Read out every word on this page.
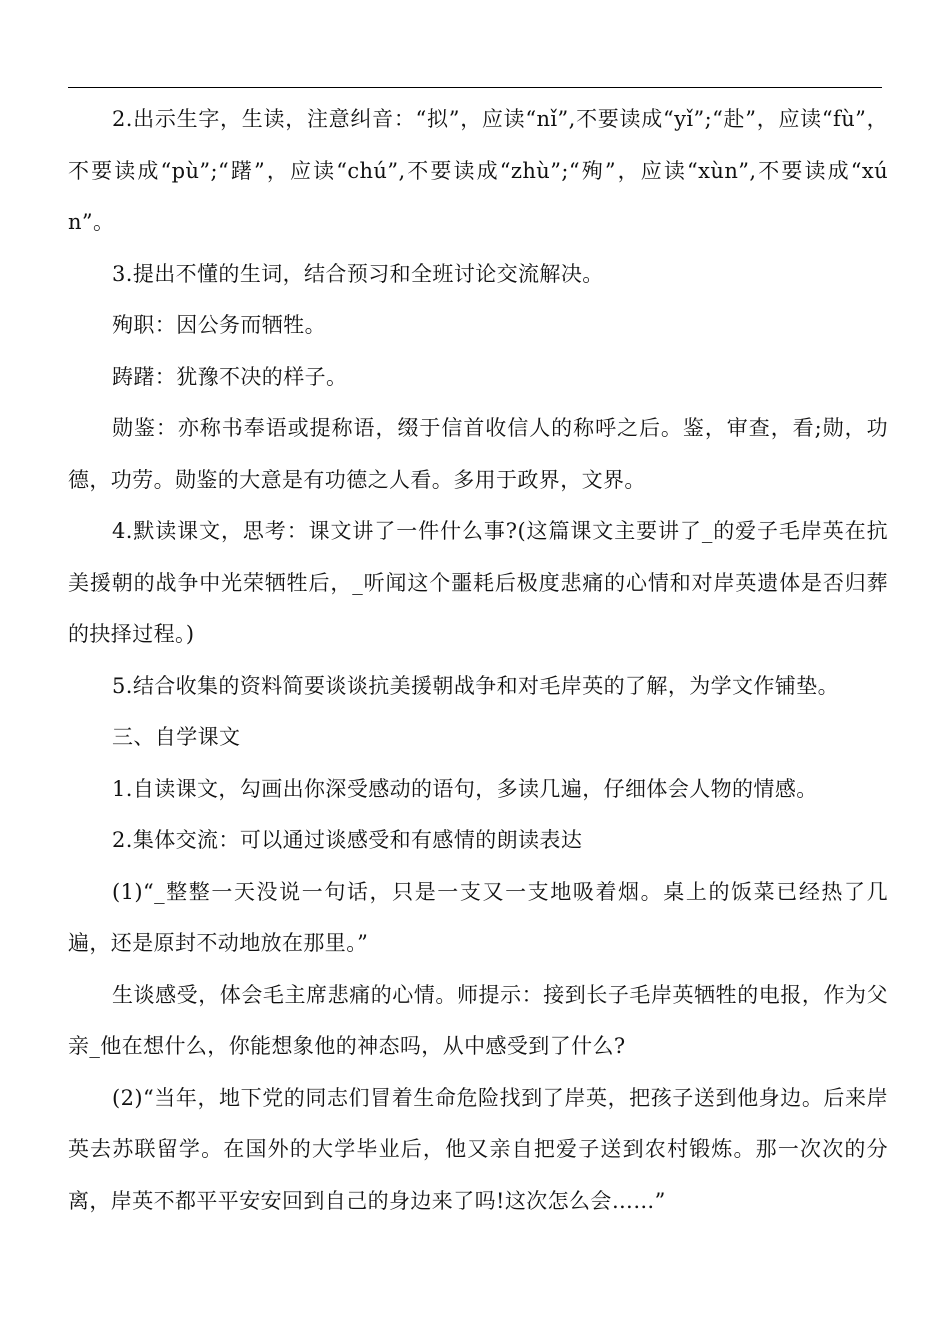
2.出示生字，生读，注意纠音：“拟”，应读“nǐ”,不要读成“yǐ”;“赴”，应读“fù”，不要读成“pù”;“躇”，应读“chú”,不要读成“zhù”;“殉”，应读“xùn”,不要读成“xún”。

3.提出不懂的生词，结合预习和全班讨论交流解决。

殉职：因公务而牺牲。

踌躇：犹豫不决的样子。

勋鉴：亦称书奉语或提称语，缀于信首收信人的称呼之后。鉴，审查，看;勋，功德，功劳。勋鉴的大意是有功德之人看。多用于政界，文界。

4.默读课文，思考：课文讲了一件什么事?(这篇课文主要讲了_的爱子毛岸英在抗美援朝的战争中光荣牺牲后，_听闻这个噩耗后极度悲痛的心情和对岸英遗体是否归葬的抉择过程。)

5.结合收集的资料简要谈谈抗美援朝战争和对毛岸英的了解，为学文作铺垫。

三、自学课文

1.自读课文，勾画出你深受感动的语句，多读几遍，仔细体会人物的情感。

2.集体交流：可以通过谈感受和有感情的朗读表达

(1)“_整整一天没说一句话，只是一支又一支地吸着烟。桌上的饭菜已经热了几遍，还是原封不动地放在那里。”

生谈感受，体会毛主席悲痛的心情。师提示：接到长子毛岸英牺牲的电报，作为父亲_他在想什么，你能想象他的神态吗，从中感受到了什么?

(2)“当年，地下党的同志们冒着生命危险找到了岸英，把孩子送到他身边。后来岸英去苏联留学。在国外的大学毕业后，他又亲自把爱子送到农村锻炼。那一次次的分离，岸英不都平平安安回到自己的身边来了吗!这次怎么会……”
